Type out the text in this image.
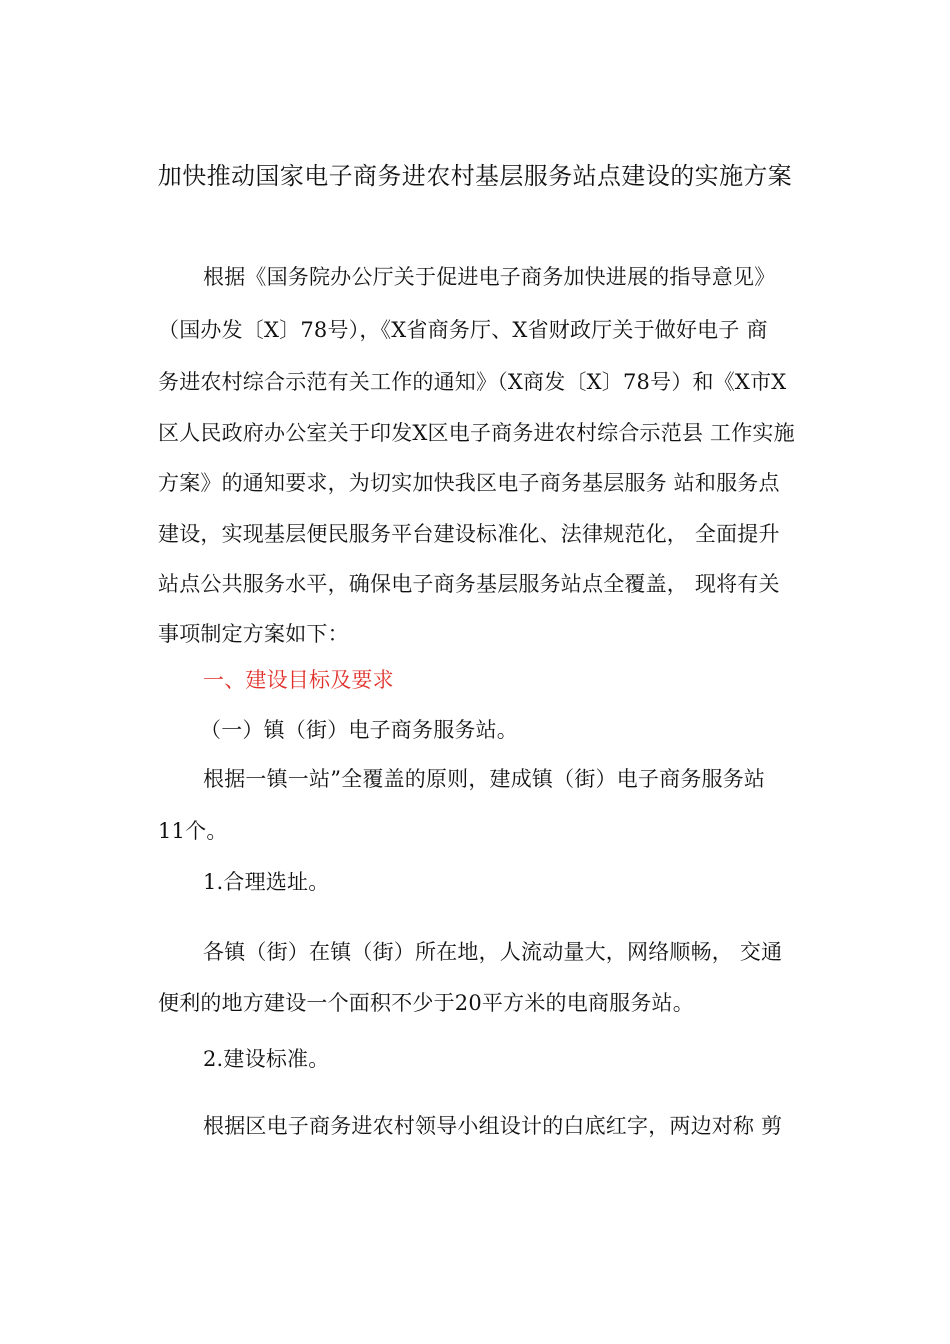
加快推动国家电子商务进农村基层服务站点建设的实施方案
根据《国务院办公厅关于促进电子商务加快进展的指导意见》
（国办发〔X〕78号），《X省商务厅、X省财政厅关于做好电子 商
务进农村综合示范有关工作的通知》（X商发〔X〕78号）和《X市X
区人民政府办公室关于印发X区电子商务进农村综合示范县 工作实施
方案》的通知要求，为切实加快我区电子商务基层服务 站和服务点
建设，实现基层便民服务平台建设标准化、法律规范化， 全面提升
站点公共服务水平，确保电子商务基层服务站点全覆盖， 现将有关
事项制定方案如下：
一、建设目标及要求
（一）镇（街）电子商务服务站。
根据一镇一站”全覆盖的原则，建成镇（街）电子商务服务站
11个。
1.合理选址。
各镇（街）在镇（街）所在地，人流动量大，网络顺畅， 交通
便利的地方建设一个面积不少于20平方米的电商服务站。
2.建设标准。
根据区电子商务进农村领导小组设计的白底红字，两边对称 剪
